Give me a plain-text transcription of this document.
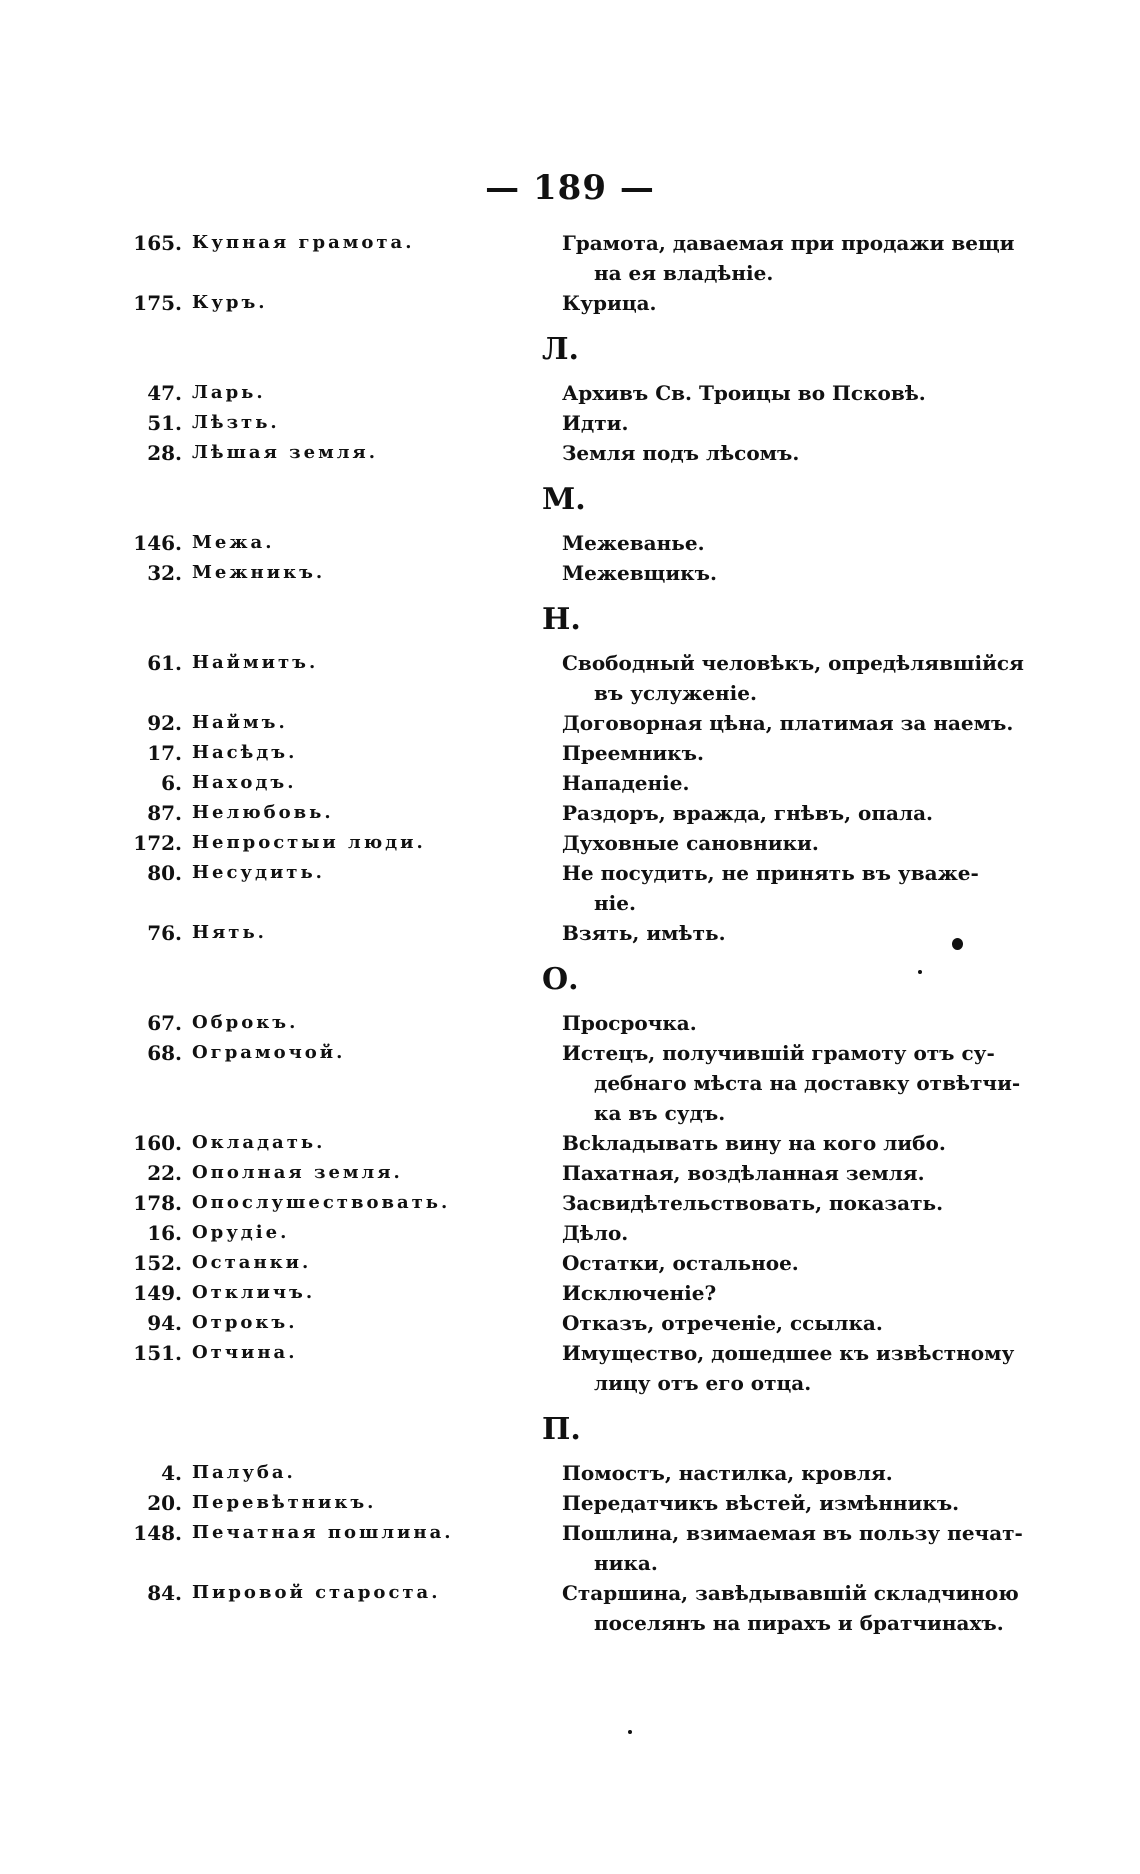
— 189 —
165. Купная грамота.	Грамота, даваемая при продажи вещи
на ея владѣніе.
175. Куръ.	Курица.
Л.
47. Ларь.	Архивъ Св. Троицы во Псковѣ.
51. Лѣзть.	Идти.
28. Лѣшая земля.	Земля подъ лѣсомъ.
М.
146. Межа.	Межеванье.
32. Межникъ.	Межевщикъ.
Н.
61. Наймитъ.	Свободный человѣкъ, опредѣлявшійся
въ услуженіе.
92. Наймъ.	Договорная цѣна, платимая за наемъ.
17. Насѣдъ.	Преемникъ.
6. Находъ.	Нападеніе.
87. Нелюбовь.	Раздоръ, вражда, гнѣвъ, опала.
172. Непростыи люди.	Духовные сановники.
80. Несудить.	Не посудить, не принять въ уваже-
ніе.
76. Нять.	Взять, имѣть.
О.
67. Оброкъ.	Просрочка.
68. Ограмочой.	Истецъ, получившій грамоту отъ су-
дебнаго мѣста на доставку отвѣтчи-
ка въ судъ.
160. Окладать.	Всkладывать вину на кого либо.
22. Ополная земля.	Пахатная, воздѣланная земля.
178. Опослушествовать.	Засвидѣтельствовать, показать.
16. Орудіе.	Дѣло.
152. Останки.	Остатки, остальное.
149. Откличъ.	Исключеніе?
94. Отрокъ.	Отказъ, отреченіе, ссылка.
151. Отчина.	Имущество, дошедшее къ извѣстному
лицу отъ его отца.
П.
4. Палуба.	Помостъ, настилка, кровля.
20. Перевѣтникъ.	Передатчикъ вѣстей, измѣнникъ.
148. Печатная пошлина.	Пошлина, взимаемая въ пользу печат-
ника.
84. Пировой староста.	Старшина, завѣдывавшій складчиною
поселянъ на пирахъ и братчинахъ.
